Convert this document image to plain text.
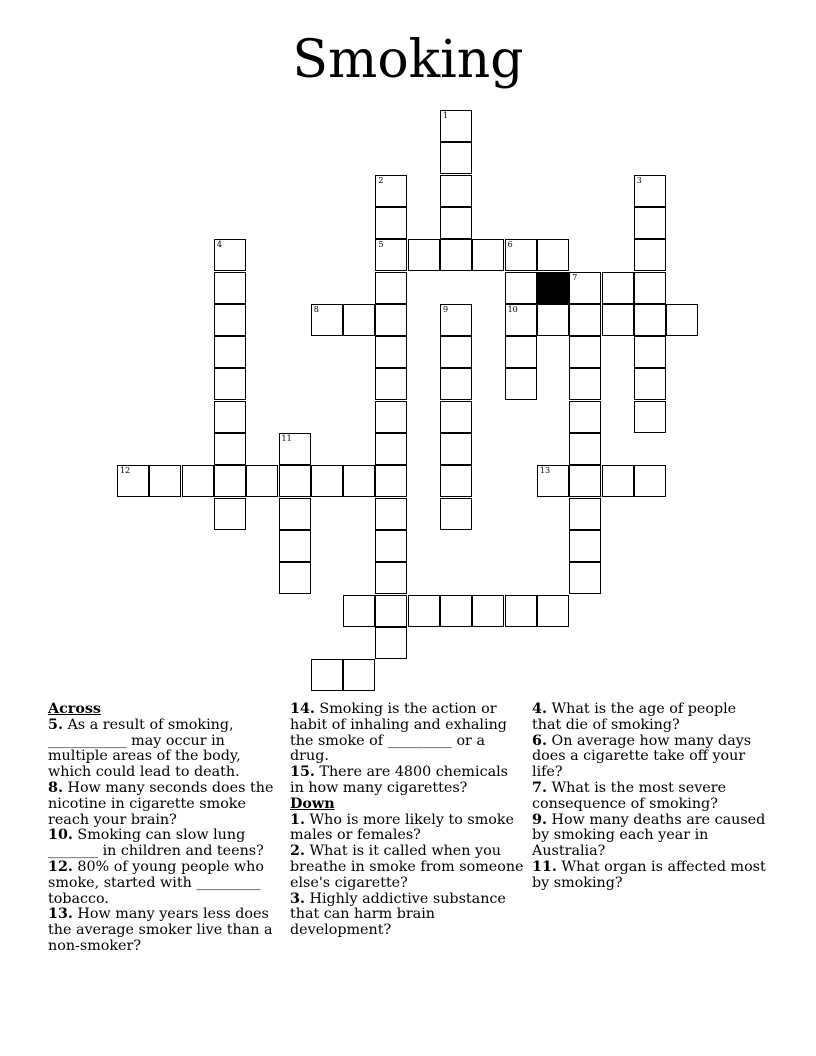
Smoking
1
2
5
3
4	6
10
7
8	9
11
12	13

Across

5. As a result of smoking, ___________ may occur in multiple areas of the body, which could lead to death.

8. How many seconds does the nicotine in cigarette smoke reach your brain?

10. Smoking can slow lung _______ in children and teens?

12. 80% of young people who smoke, started with _________ tobacco.

13. How many years less does the average smoker live than a non-smoker?

14. Smoking is the action or habit of inhaling and exhaling the smoke of _________ or a drug.

15. There are 4800 chemicals in how many cigarettes?

Down

1. Who is more likely to smoke males or females?

2. What is it called when you breathe in smoke from someone else's cigarette?

3. Highly addictive substance that can harm brain development?

4. What is the age of people that die of smoking?

6. On average how many days does a cigarette take off your life?

7. What is the most severe consequence of smoking?

9. How many deaths are caused by smoking each year in Australia?

11. What organ is affected most by smoking?
